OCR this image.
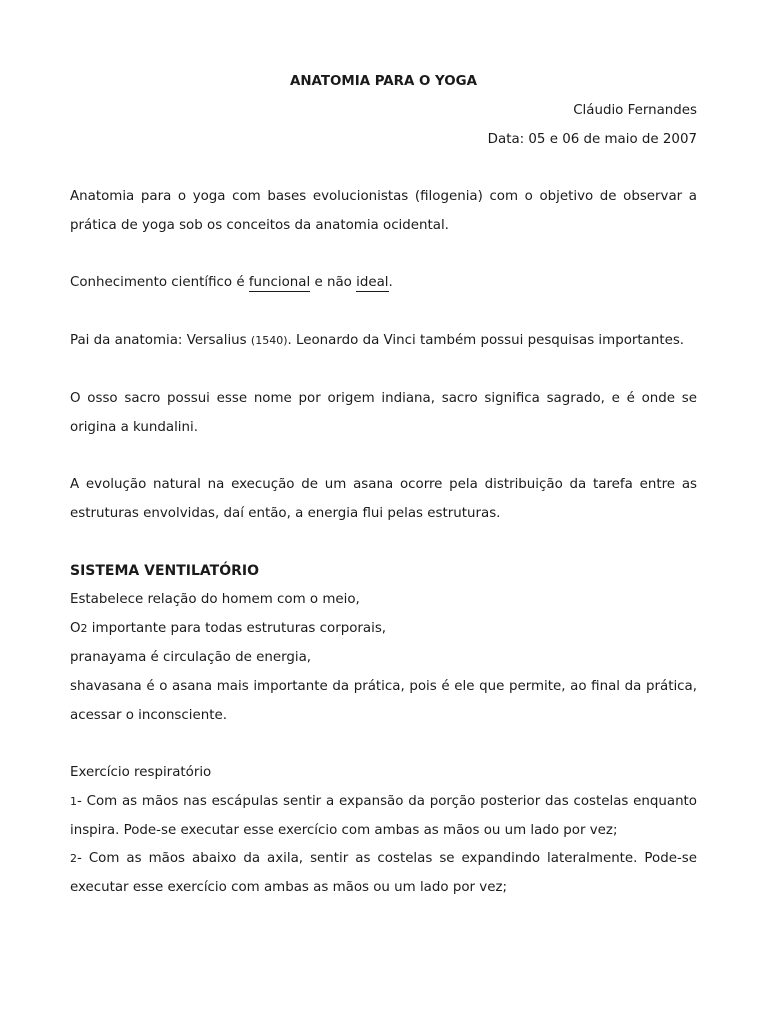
ANATOMIA PARA O YOGA
Cláudio Fernandes
Data: 05 e 06 de maio de 2007
Anatomia para o yoga com bases evolucionistas (filogenia) com o objetivo de observar a
prática de yoga sob os conceitos da anatomia ocidental.
Conhecimento científico é funcional e não ideal.
Pai da anatomia: Versalius (1540). Leonardo da Vinci também possui pesquisas importantes.
O osso sacro possui esse nome por origem indiana, sacro significa sagrado, e é onde se
origina a kundalini.
A evolução natural na execução de um asana ocorre pela distribuição da tarefa entre as
estruturas envolvidas, daí então, a energia flui pelas estruturas.
SISTEMA VENTILATÓRIO
Estabelece relação do homem com o meio,
O2 importante para todas estruturas corporais,
pranayama é circulação de energia,
shavasana é o asana mais importante da prática, pois é ele que permite, ao final da prática,
acessar o inconsciente.
Exercício respiratório
1- Com as mãos nas escápulas sentir a expansão da porção posterior das costelas enquanto
inspira. Pode-se executar esse exercício com ambas as mãos ou um lado por vez;
2- Com as mãos abaixo da axila, sentir as costelas se expandindo lateralmente. Pode-se
executar esse exercício com ambas as mãos ou um lado por vez;
